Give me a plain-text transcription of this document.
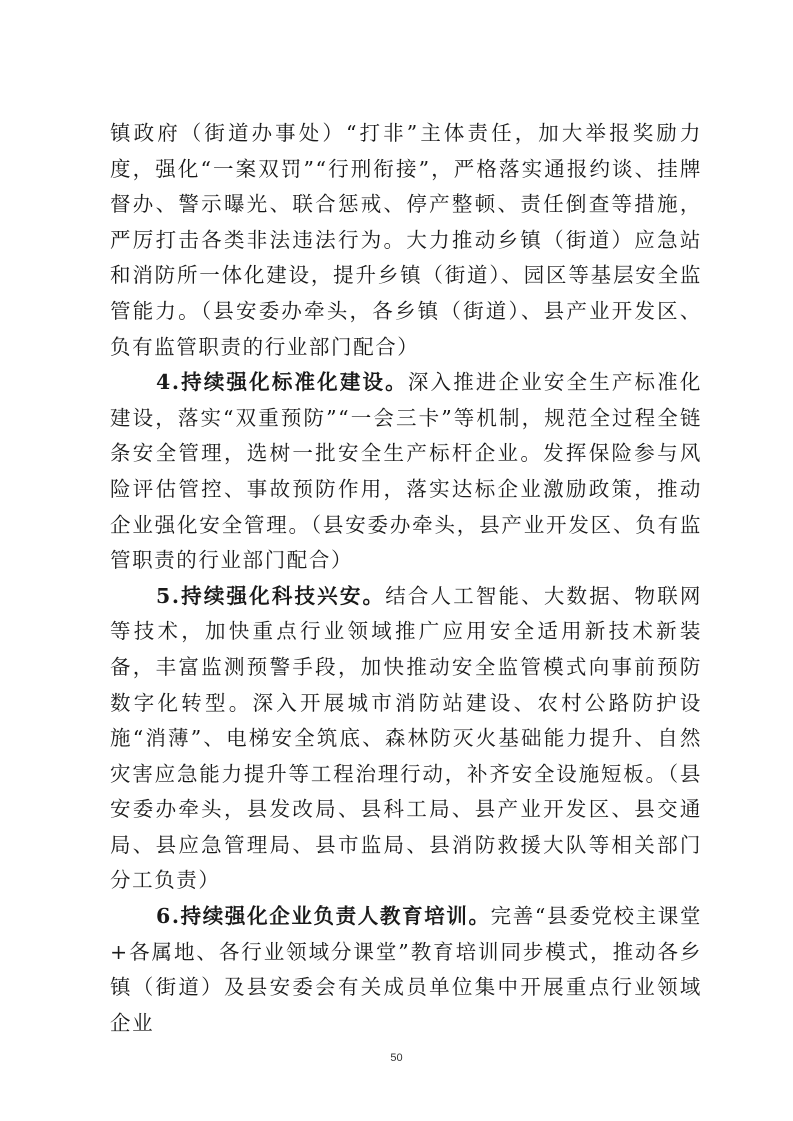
镇政府（街道办事处）“打非”主体责任，加大举报奖励力度，强化“一案双罚”“行刑衔接”，严格落实通报约谈、挂牌督办、警示曝光、联合惩戒、停产整顿、责任倒查等措施，严厉打击各类非法违法行为。大力推动乡镇（街道）应急站和消防所一体化建设，提升乡镇（街道）、园区等基层安全监管能力。（县安委办牵头，各乡镇（街道）、县产业开发区、负有监管职责的行业部门配合）

4.持续强化标准化建设。深入推进企业安全生产标准化建设，落实“双重预防”“一会三卡”等机制，规范全过程全链条安全管理，选树一批安全生产标杆企业。发挥保险参与风险评估管控、事故预防作用，落实达标企业激励政策，推动企业强化安全管理。（县安委办牵头，县产业开发区、负有监管职责的行业部门配合）

5.持续强化科技兴安。结合人工智能、大数据、物联网等技术，加快重点行业领域推广应用安全适用新技术新装备，丰富监测预警手段，加快推动安全监管模式向事前预防数字化转型。深入开展城市消防站建设、农村公路防护设施“消薄”、电梯安全筑底、森林防灭火基础能力提升、自然灾害应急能力提升等工程治理行动，补齐安全设施短板。（县安委办牵头，县发改局、县科工局、县产业开发区、县交通局、县应急管理局、县市监局、县消防救援大队等相关部门分工负责）

6.持续强化企业负责人教育培训。完善“县委党校主课堂+各属地、各行业领域分课堂”教育培训同步模式，推动各乡镇（街道）及县安委会有关成员单位集中开展重点行业领域企业

50
